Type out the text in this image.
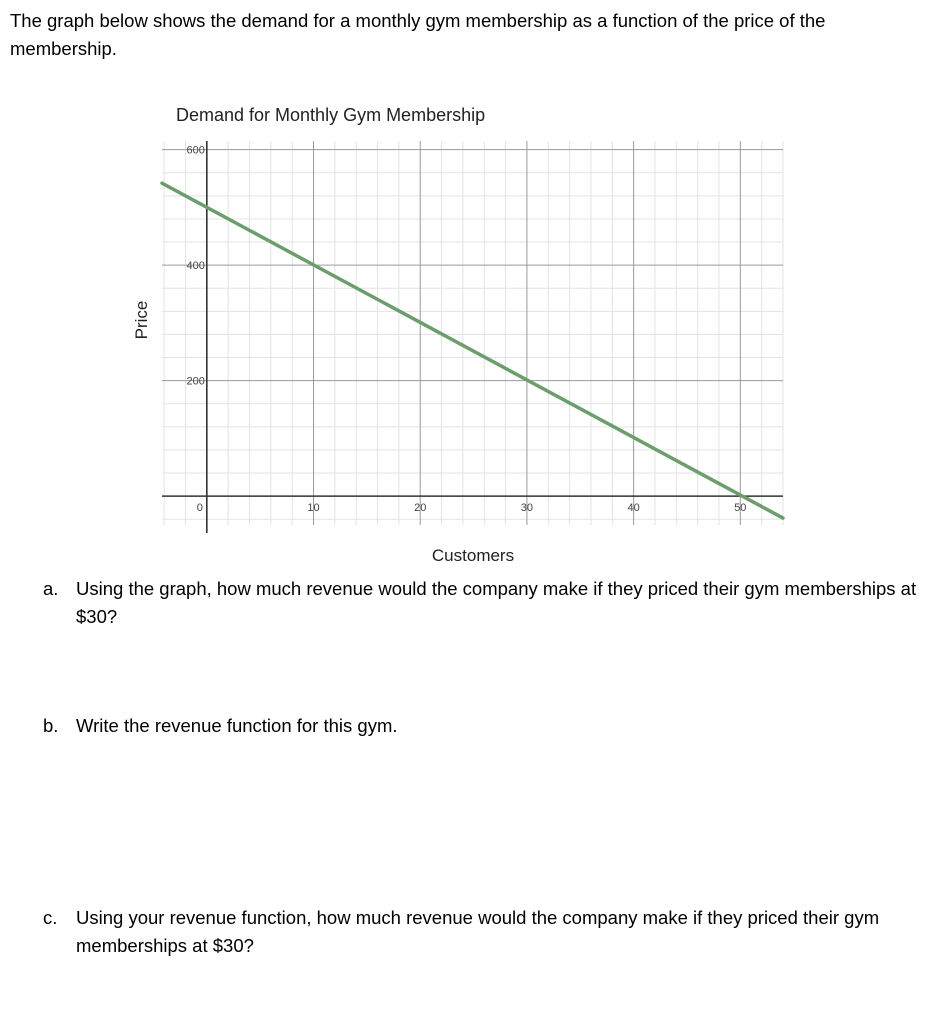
The graph below shows the demand for a monthly gym membership as a function of the price of the membership.
0	10	20	30	40	50
200
400
600
Demand for Monthly Gym Membership
Customers
Price
a. Using the graph, how much revenue would the company make if they priced their gym memberships at $30?
b. Write the revenue function for this gym.
c. Using your revenue function, how much revenue would the company make if they priced their gym memberships at $30?
